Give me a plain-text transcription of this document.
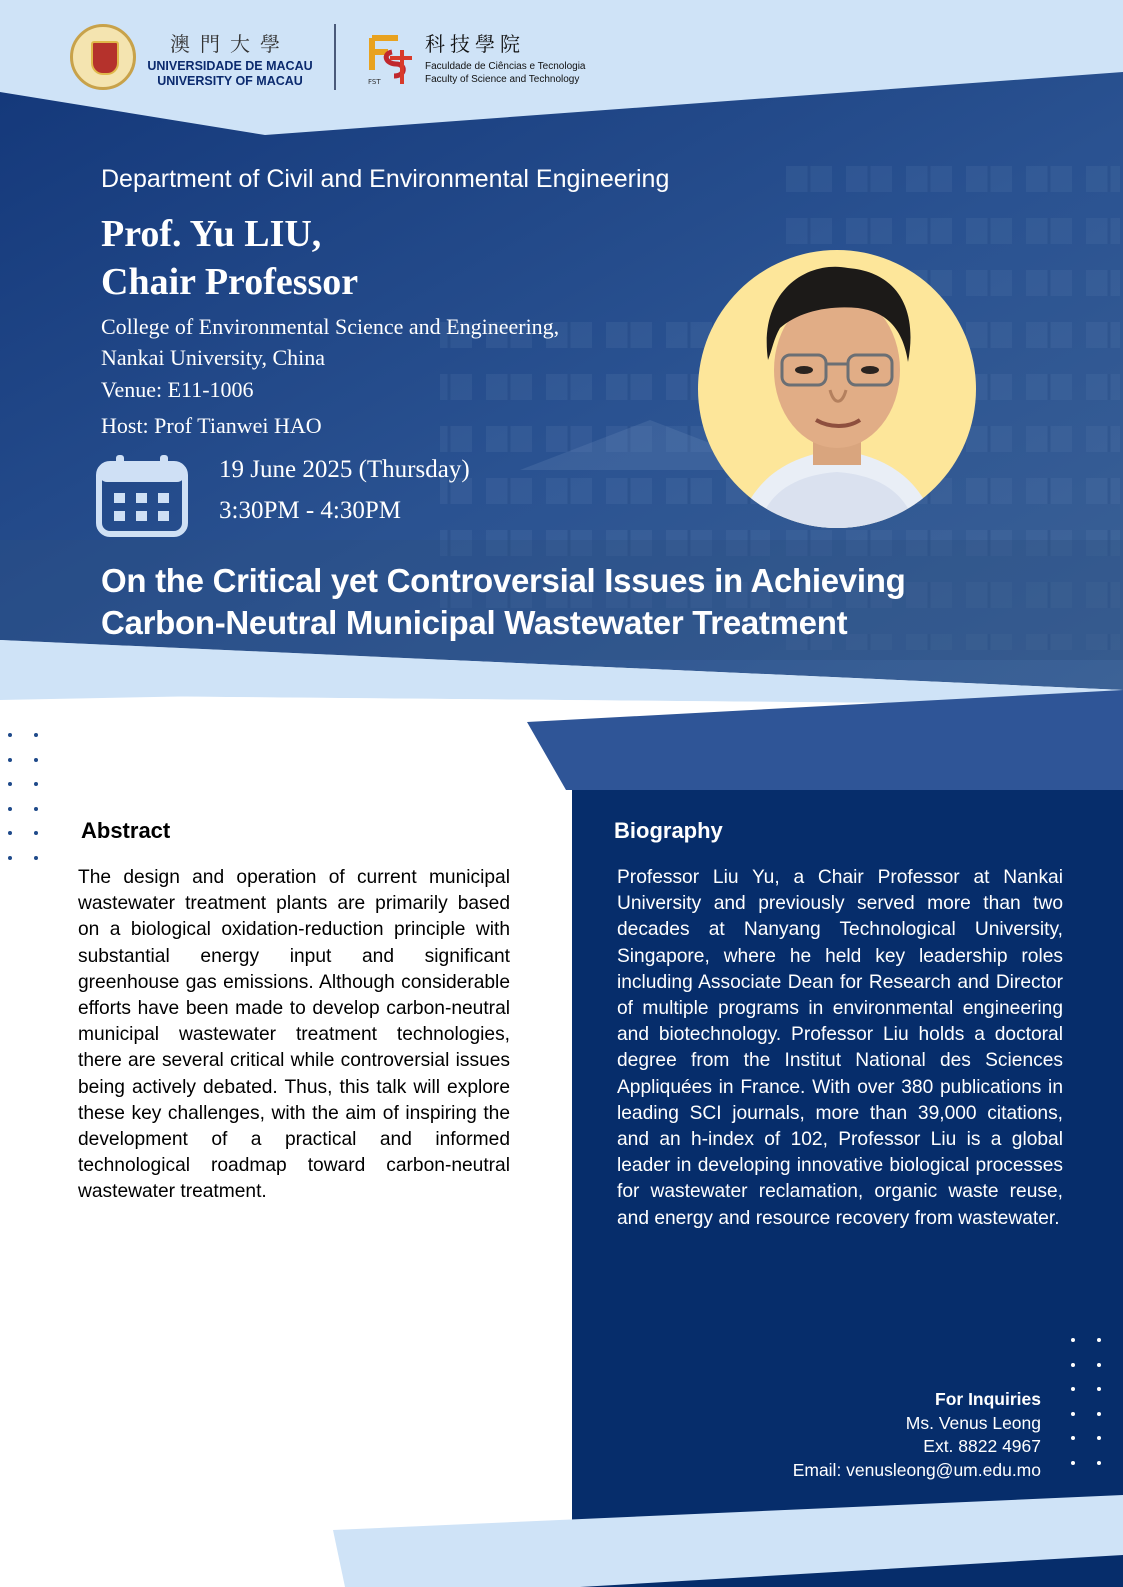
澳門大學
UNIVERSIDADE DE MACAU
UNIVERSITY OF MACAU	FST
科技學院
Faculdade de Ciências e Tecnologia
Faculty of Science and Technology
Department of Civil and Environmental Engineering
Prof. Yu LIU,
Chair Professor
College of Environmental Science and Engineering,
Nankai University, China
Venue: E11-1006
Host: Prof Tianwei HAO
19 June 2025 (Thursday)
3:30PM - 4:30PM
On the Critical yet Controversial Issues in Achieving
Carbon-Neutral Municipal Wastewater Treatment
Abstract
The design and operation of current municipal wastewater treatment plants are primarily based on a biological oxidation-reduction principle with substantial energy input and significant greenhouse gas emissions. Although considerable efforts have been made to develop carbon-neutral municipal wastewater treatment technologies, there are several critical while controversial issues being actively debated. Thus, this talk will explore these key challenges, with the aim of inspiring the development of a practical and informed technological roadmap toward carbon-neutral wastewater treatment.
Biography
Professor Liu Yu, a Chair Professor at Nankai University and previously served more than two decades at Nanyang Technological University, Singapore, where he held key leadership roles including Associate Dean for Research and Director of multiple programs in environmental engineering and biotechnology. Professor Liu holds a doctoral degree from the Institut National des Sciences Appliquées in France. With over 380 publications in leading SCI journals, more than 39,000 citations, and an h-index of 102, Professor Liu is a global leader in developing innovative biological processes for wastewater reclamation, organic waste reuse, and energy and resource recovery from wastewater.
For Inquiries
Ms. Venus Leong
Ext. 8822 4967
Email: venusleong@um.edu.mo
